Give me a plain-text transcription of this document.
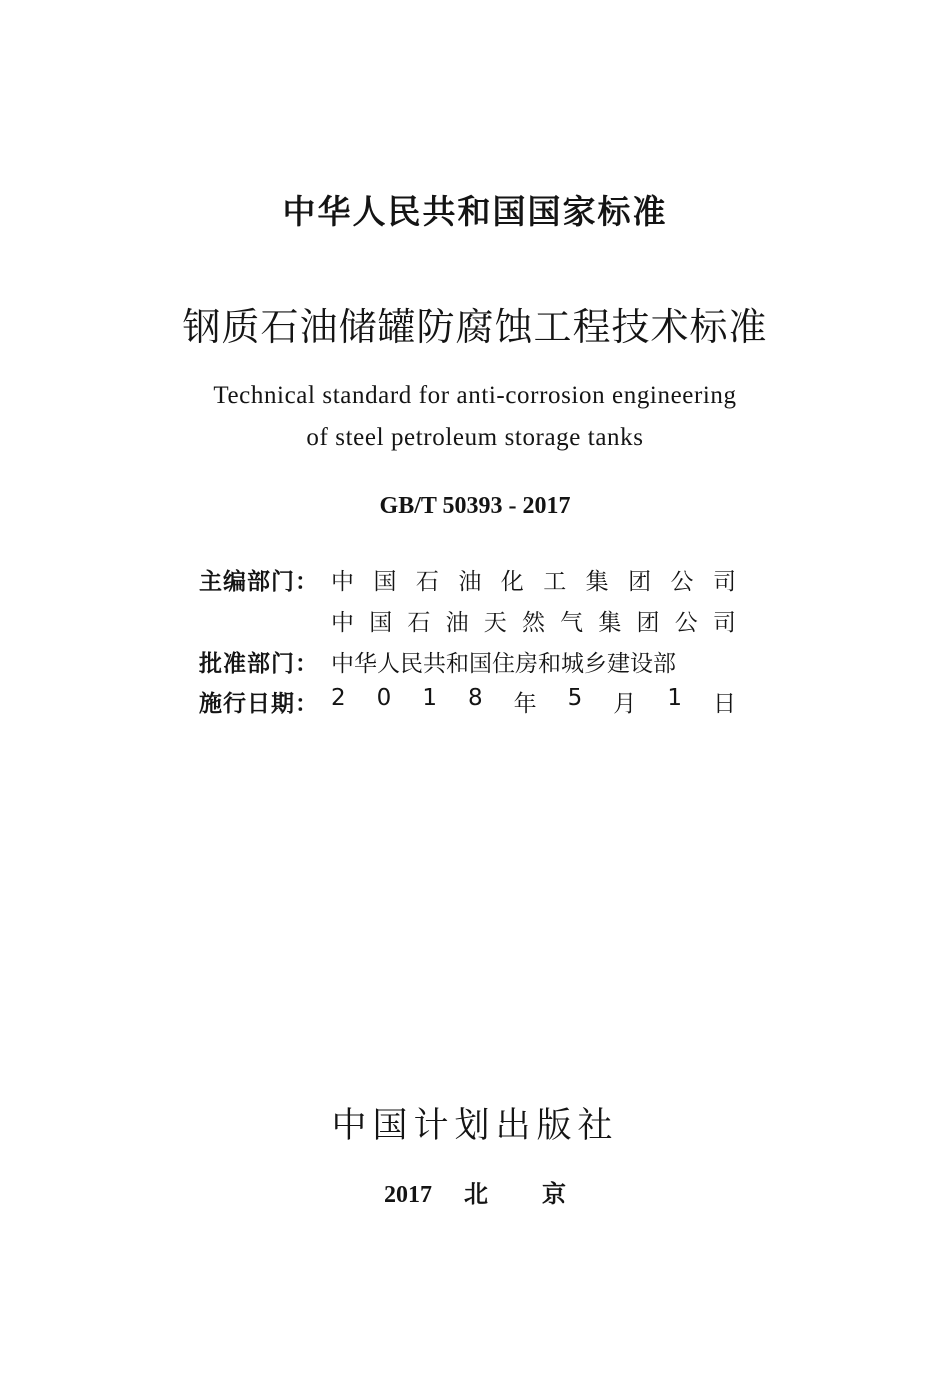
中华人民共和国国家标准
钢质石油储罐防腐蚀工程技术标准
Technical standard for anti-corrosion engineering
of steel petroleum storage tanks
GB/T 50393 - 2017
主编部门： 中 国 石 油 化 工 集 团 公 司
中 国 石 油 天 然 气 集 团 公 司
批准部门： 中华人民共和国住房和城乡建设部
施行日期： 2 0 1 8 年 5 月 1 日
中国计划出版社
2017 北 京
